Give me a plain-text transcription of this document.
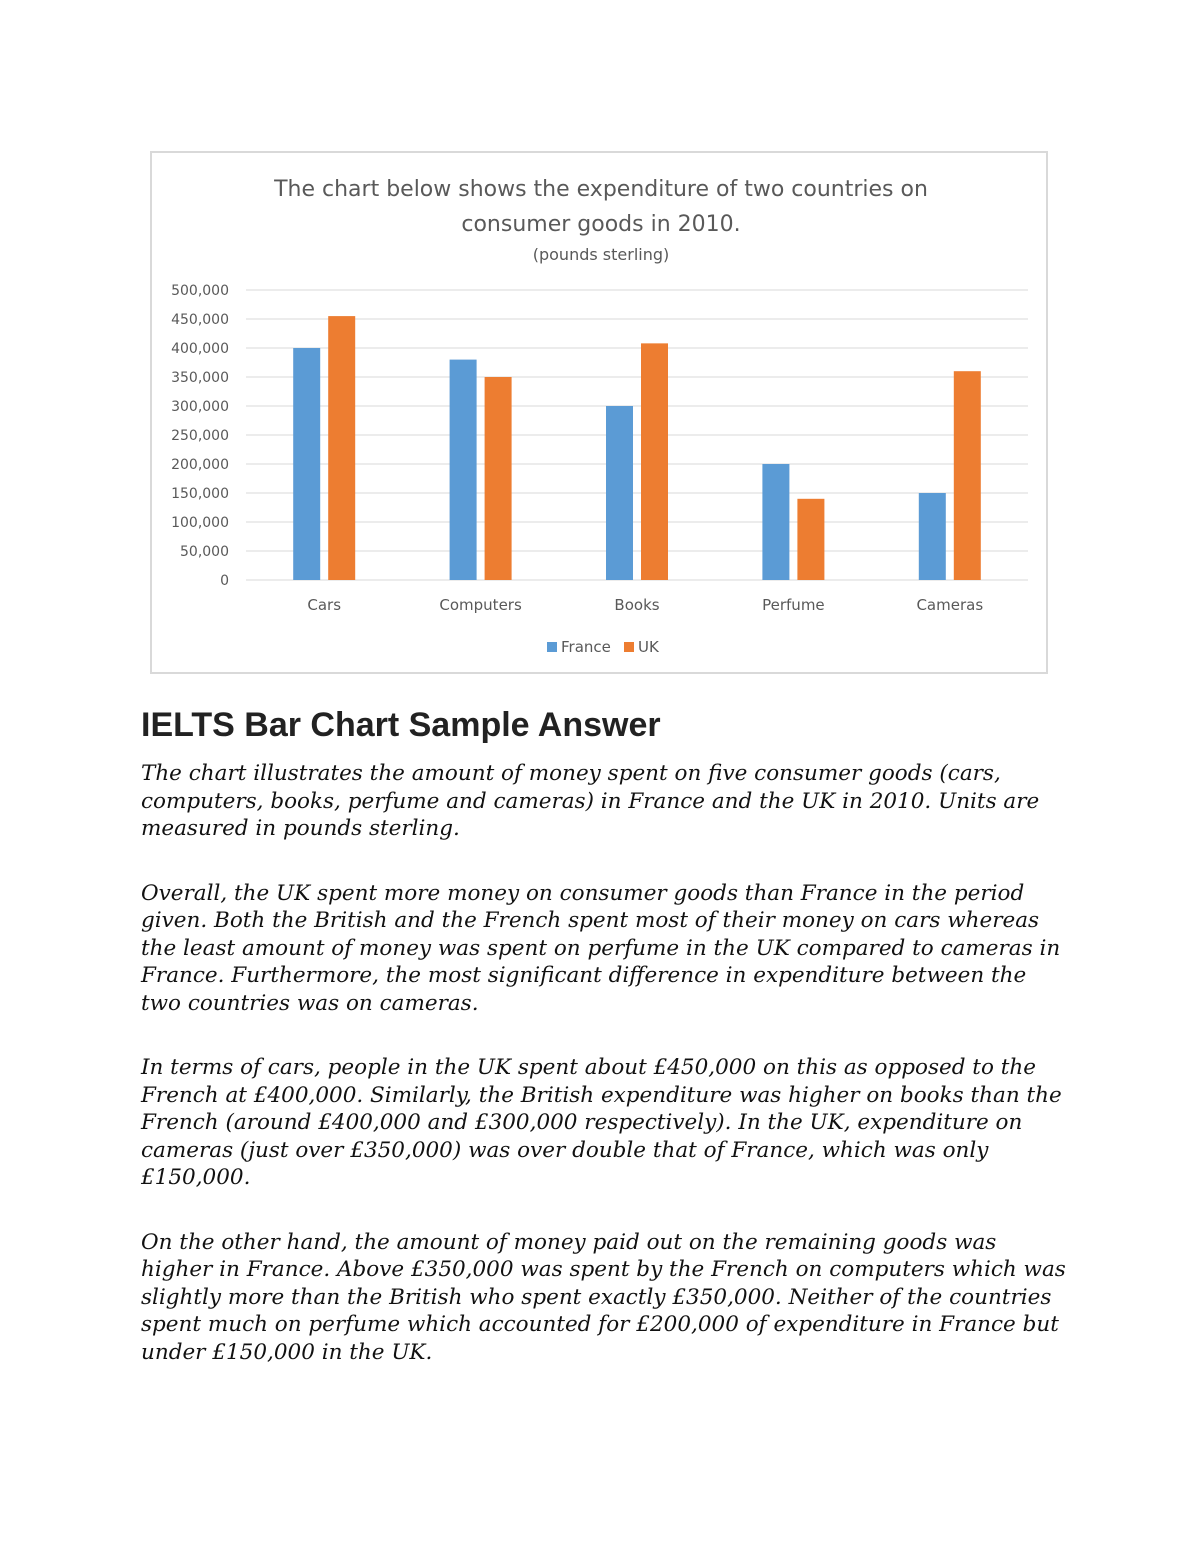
The chart below shows the expenditure of two countries on
consumer goods in 2010.
(pounds sterling)
0
50,000
100,000
150,000
200,000
250,000
300,000
350,000
400,000
450,000
500,000
Cars	Computers	Books	Perfume	Cameras
France UK
IELTS Bar Chart Sample Answer

The chart illustrates the amount of money spent on five consumer goods (cars, computers, books, perfume and cameras) in France and the UK in 2010. Units are measured in pounds sterling.

Overall, the UK spent more money on consumer goods than France in the period given. Both the British and the French spent most of their money on cars whereas the least amount of money was spent on perfume in the UK compared to cameras in France. Furthermore, the most significant difference in expenditure between the two countries was on cameras.

In terms of cars, people in the UK spent about £450,000 on this as opposed to the French at £400,000. Similarly, the British expenditure was higher on books than the French (around £400,000 and £300,000 respectively). In the UK, expenditure on cameras (just over £350,000) was over double that of France, which was only £150,000.

On the other hand, the amount of money paid out on the remaining goods was higher in France. Above £350,000 was spent by the French on computers which was slightly more than the British who spent exactly £350,000. Neither of the countries spent much on perfume which accounted for £200,000 of expenditure in France but under £150,000 in the UK.
